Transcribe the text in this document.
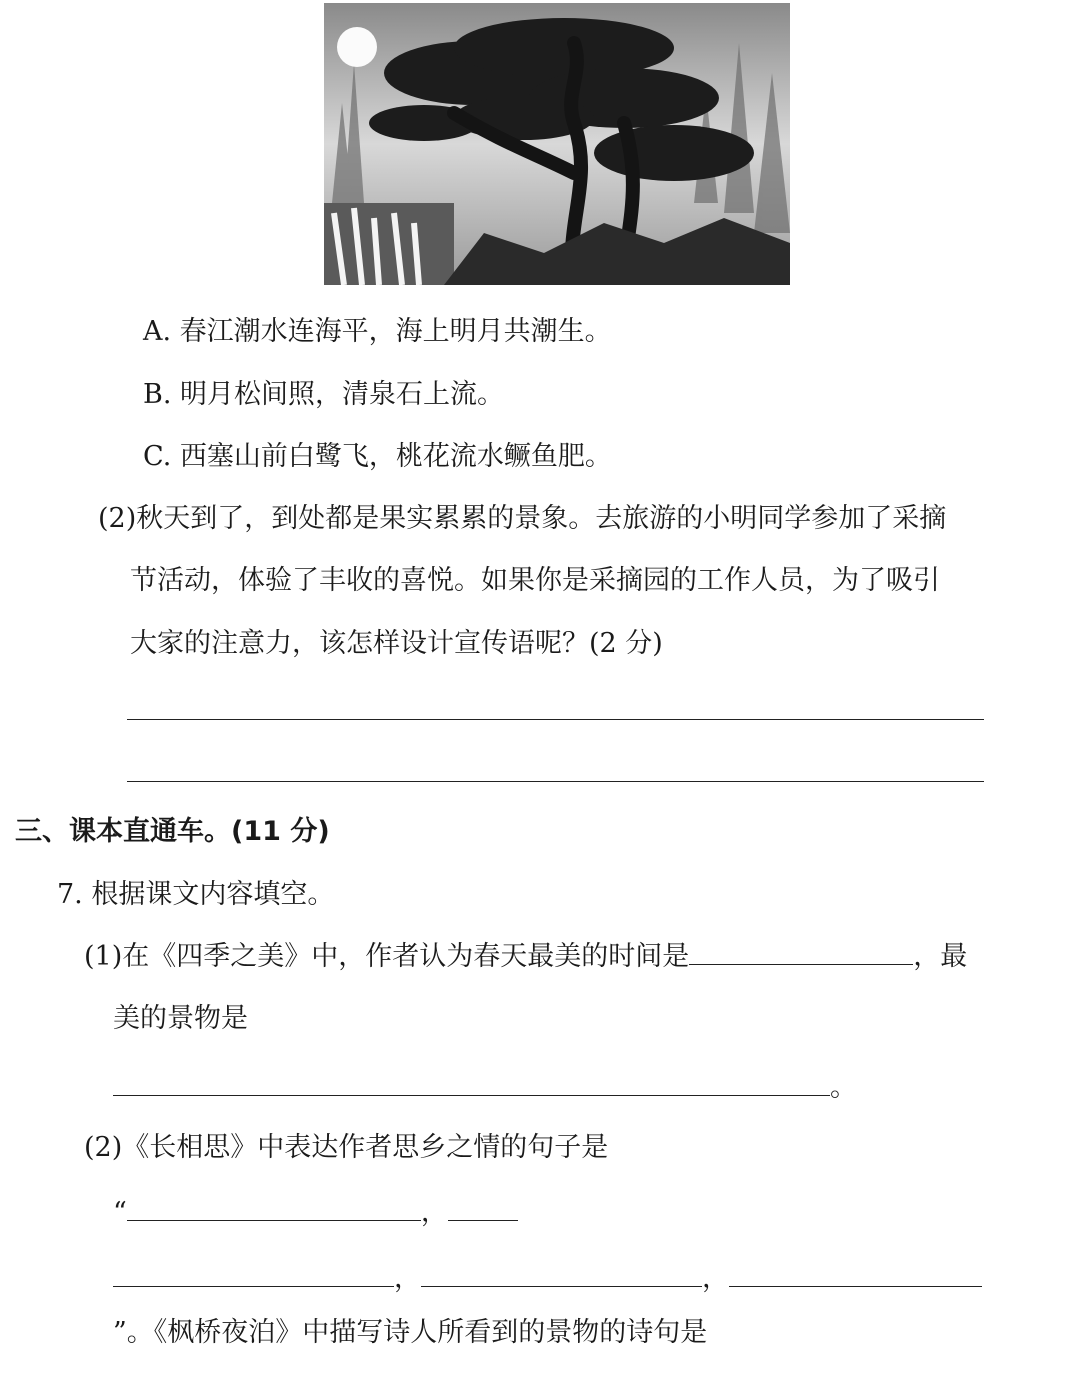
A. 春江潮水连海平，海上明月共潮生。
B. 明月松间照，清泉石上流。
C. 西塞山前白鹭飞，桃花流水鳜鱼肥。
(2)秋天到了，到处都是果实累累的景象。去旅游的小明同学参加了采摘
节活动，体验了丰收的喜悦。如果你是采摘园的工作人员，为了吸引
大家的注意力，该怎样设计宣传语呢？(2 分)
三、课本直通车。(11 分)
7. 根据课文内容填空。
(1)在《四季之美》中，作者认为春天最美的时间是	，最
美的景物是
。
(2)《长相思》中表达作者思乡之情的句子是
“	，
，	，
”。《枫桥夜泊》中描写诗人所看到的景物的诗句是
